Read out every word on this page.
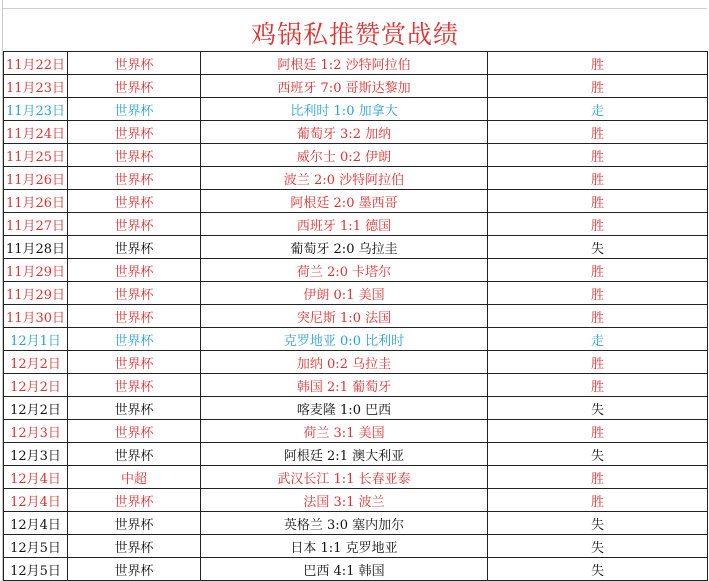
鸡锅私推赞赏战绩
11月22日	世界杯	阿根廷 1:2 沙特阿拉伯	胜
11月23日	世界杯	西班牙 7:0 哥斯达黎加	胜
11月23日	世界杯	比利时 1:0 加拿大	走
11月24日	世界杯	葡萄牙 3:2 加纳	胜
11月25日	世界杯	威尔士 0:2 伊朗	胜
11月26日	世界杯	波兰 2:0 沙特阿拉伯	胜
11月26日	世界杯	阿根廷 2:0 墨西哥	胜
11月27日	世界杯	西班牙 1:1 德国	胜
11月28日	世界杯	葡萄牙 2:0 乌拉圭	失
11月29日	世界杯	荷兰 2:0 卡塔尔	胜
11月29日	世界杯	伊朗 0:1 美国	胜
11月30日	世界杯	突尼斯 1:0 法国	胜
12月1日	世界杯	克罗地亚 0:0 比利时	走
12月2日	世界杯	加纳 0:2 乌拉圭	胜
12月2日	世界杯	韩国 2:1 葡萄牙	胜
12月2日	世界杯	喀麦隆 1:0 巴西	失
12月3日	世界杯	荷兰 3:1 美国	胜
12月3日	世界杯	阿根廷 2:1 澳大利亚	失
12月4日	中超	武汉长江 1:1 长春亚泰	胜
12月4日	世界杯	法国 3:1 波兰	胜
12月4日	世界杯	英格兰 3:0 塞内加尔	失
12月5日	世界杯	日本 1:1 克罗地亚	失
12月5日	世界杯	巴西 4:1 韩国	失
